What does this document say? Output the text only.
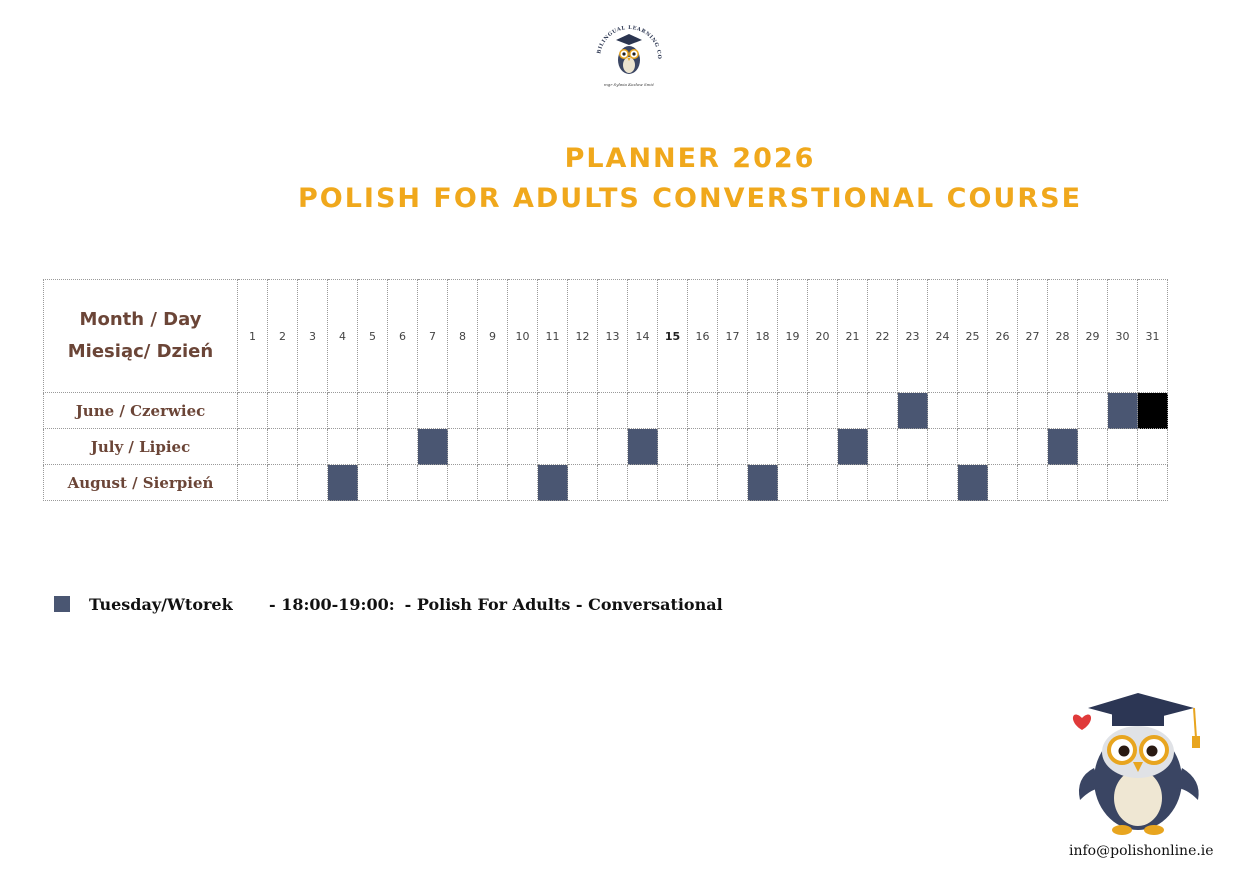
BILINGUAL LEARNING CO
mgr Sylwia Kozłow Smić
PLANNER 2026
POLISH FOR ADULTS CONVERSTIONAL COURSE
Month / Day
Miesiąc/ Dzień	1	2	3	4	5	6	7	8	9	10	11	12	13	14	15	16	17	18	19	20	21	22	23	24	25	26	27	28	29	30	31
June / Czerwiec																															
July / Lipiec																															
August / Sierpień																															
Tuesday/Wtorek	- 18:00-19:00: - Polish For Adults - Conversational
info@polishonline.ie
